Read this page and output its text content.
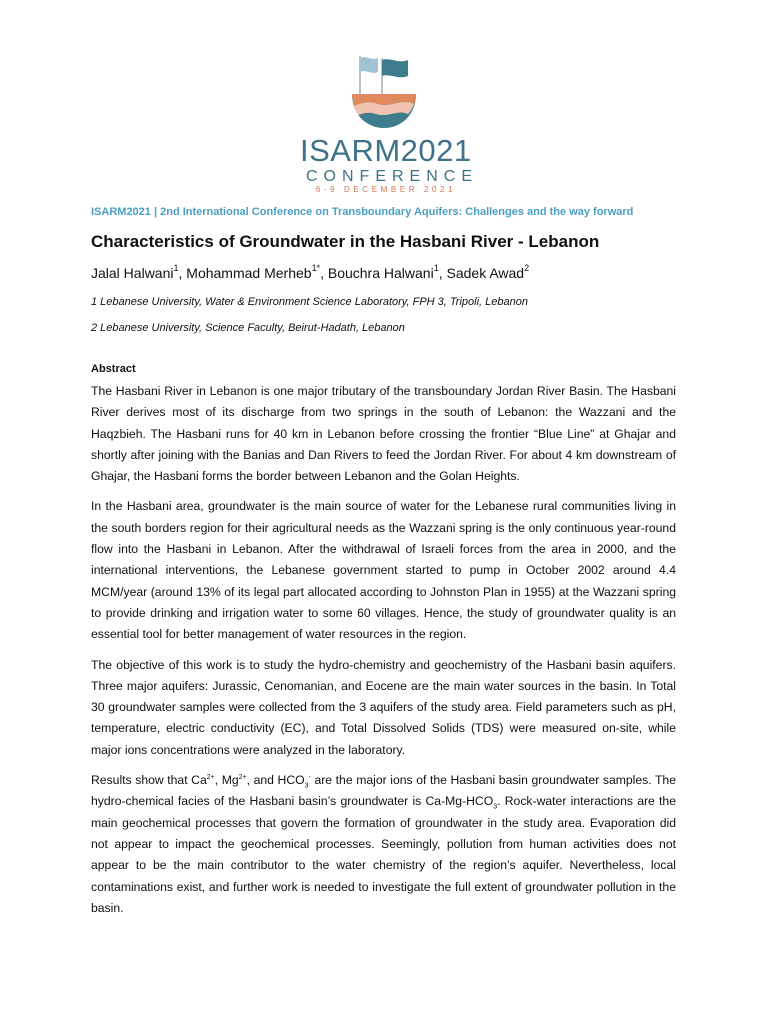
ISARM2021
CONFERENCE
6-9 DECEMBER 2021
ISARM2021 | 2nd International Conference on Transboundary Aquifers: Challenges and the way forward
Characteristics of Groundwater in the Hasbani River - Lebanon
Jalal Halwani$^1$, Mohammad Merheb$^{1*}$, Bouchra Halwani$^1$, Sadek Awad$^2$
1 Lebanese University, Water & Environment Science Laboratory, FPH 3, Tripoli, Lebanon
2 Lebanese University, Science Faculty, Beirut-Hadath, Lebanon
Abstract

The Hasbani River in Lebanon is one major tributary of the transboundary Jordan River Basin. The Hasbani River derives most of its discharge from two springs in the south of Lebanon: the Wazzani and the Haqzbieh. The Hasbani runs for 40 km in Lebanon before crossing the frontier “Blue Line” at Ghajar and shortly after joining with the Banias and Dan Rivers to feed the Jordan River. For about 4 km downstream of Ghajar, the Hasbani forms the border between Lebanon and the Golan Heights.

In the Hasbani area, groundwater is the main source of water for the Lebanese rural communities living in the south borders region for their agricultural needs as the Wazzani spring is the only continuous year-round flow into the Hasbani in Lebanon. After the withdrawal of Israeli forces from the area in 2000, and the international interventions, the Lebanese government started to pump in October 2002 around 4.4 MCM/year (around 13% of its legal part allocated according to Johnston Plan in 1955) at the Wazzani spring to provide drinking and irrigation water to some 60 villages. Hence, the study of groundwater quality is an essential tool for better management of water resources in the region.

The objective of this work is to study the hydro-chemistry and geochemistry of the Hasbani basin aquifers. Three major aquifers: Jurassic, Cenomanian, and Eocene are the main water sources in the basin. In Total 30 groundwater samples were collected from the 3 aquifers of the study area. Field parameters such as pH, temperature, electric conductivity (EC), and Total Dissolved Solids (TDS) were measured on-site, while major ions concentrations were analyzed in the laboratory.

Results show that $Ca^{2+}$, $Mg^{2+}$, and $HCO_3^-$ are the major ions of the Hasbani basin groundwater samples. The hydro-chemical facies of the Hasbani basin’s groundwater is $Ca-Mg-HCO_3$. Rock-water interactions are the main geochemical processes that govern the formation of groundwater in the study area. Evaporation did not appear to impact the geochemical processes. Seemingly, pollution from human activities does not appear to be the main contributor to the water chemistry of the region’s aquifer. Nevertheless, local contaminations exist, and further work is needed to investigate the full extent of groundwater pollution in the basin.
